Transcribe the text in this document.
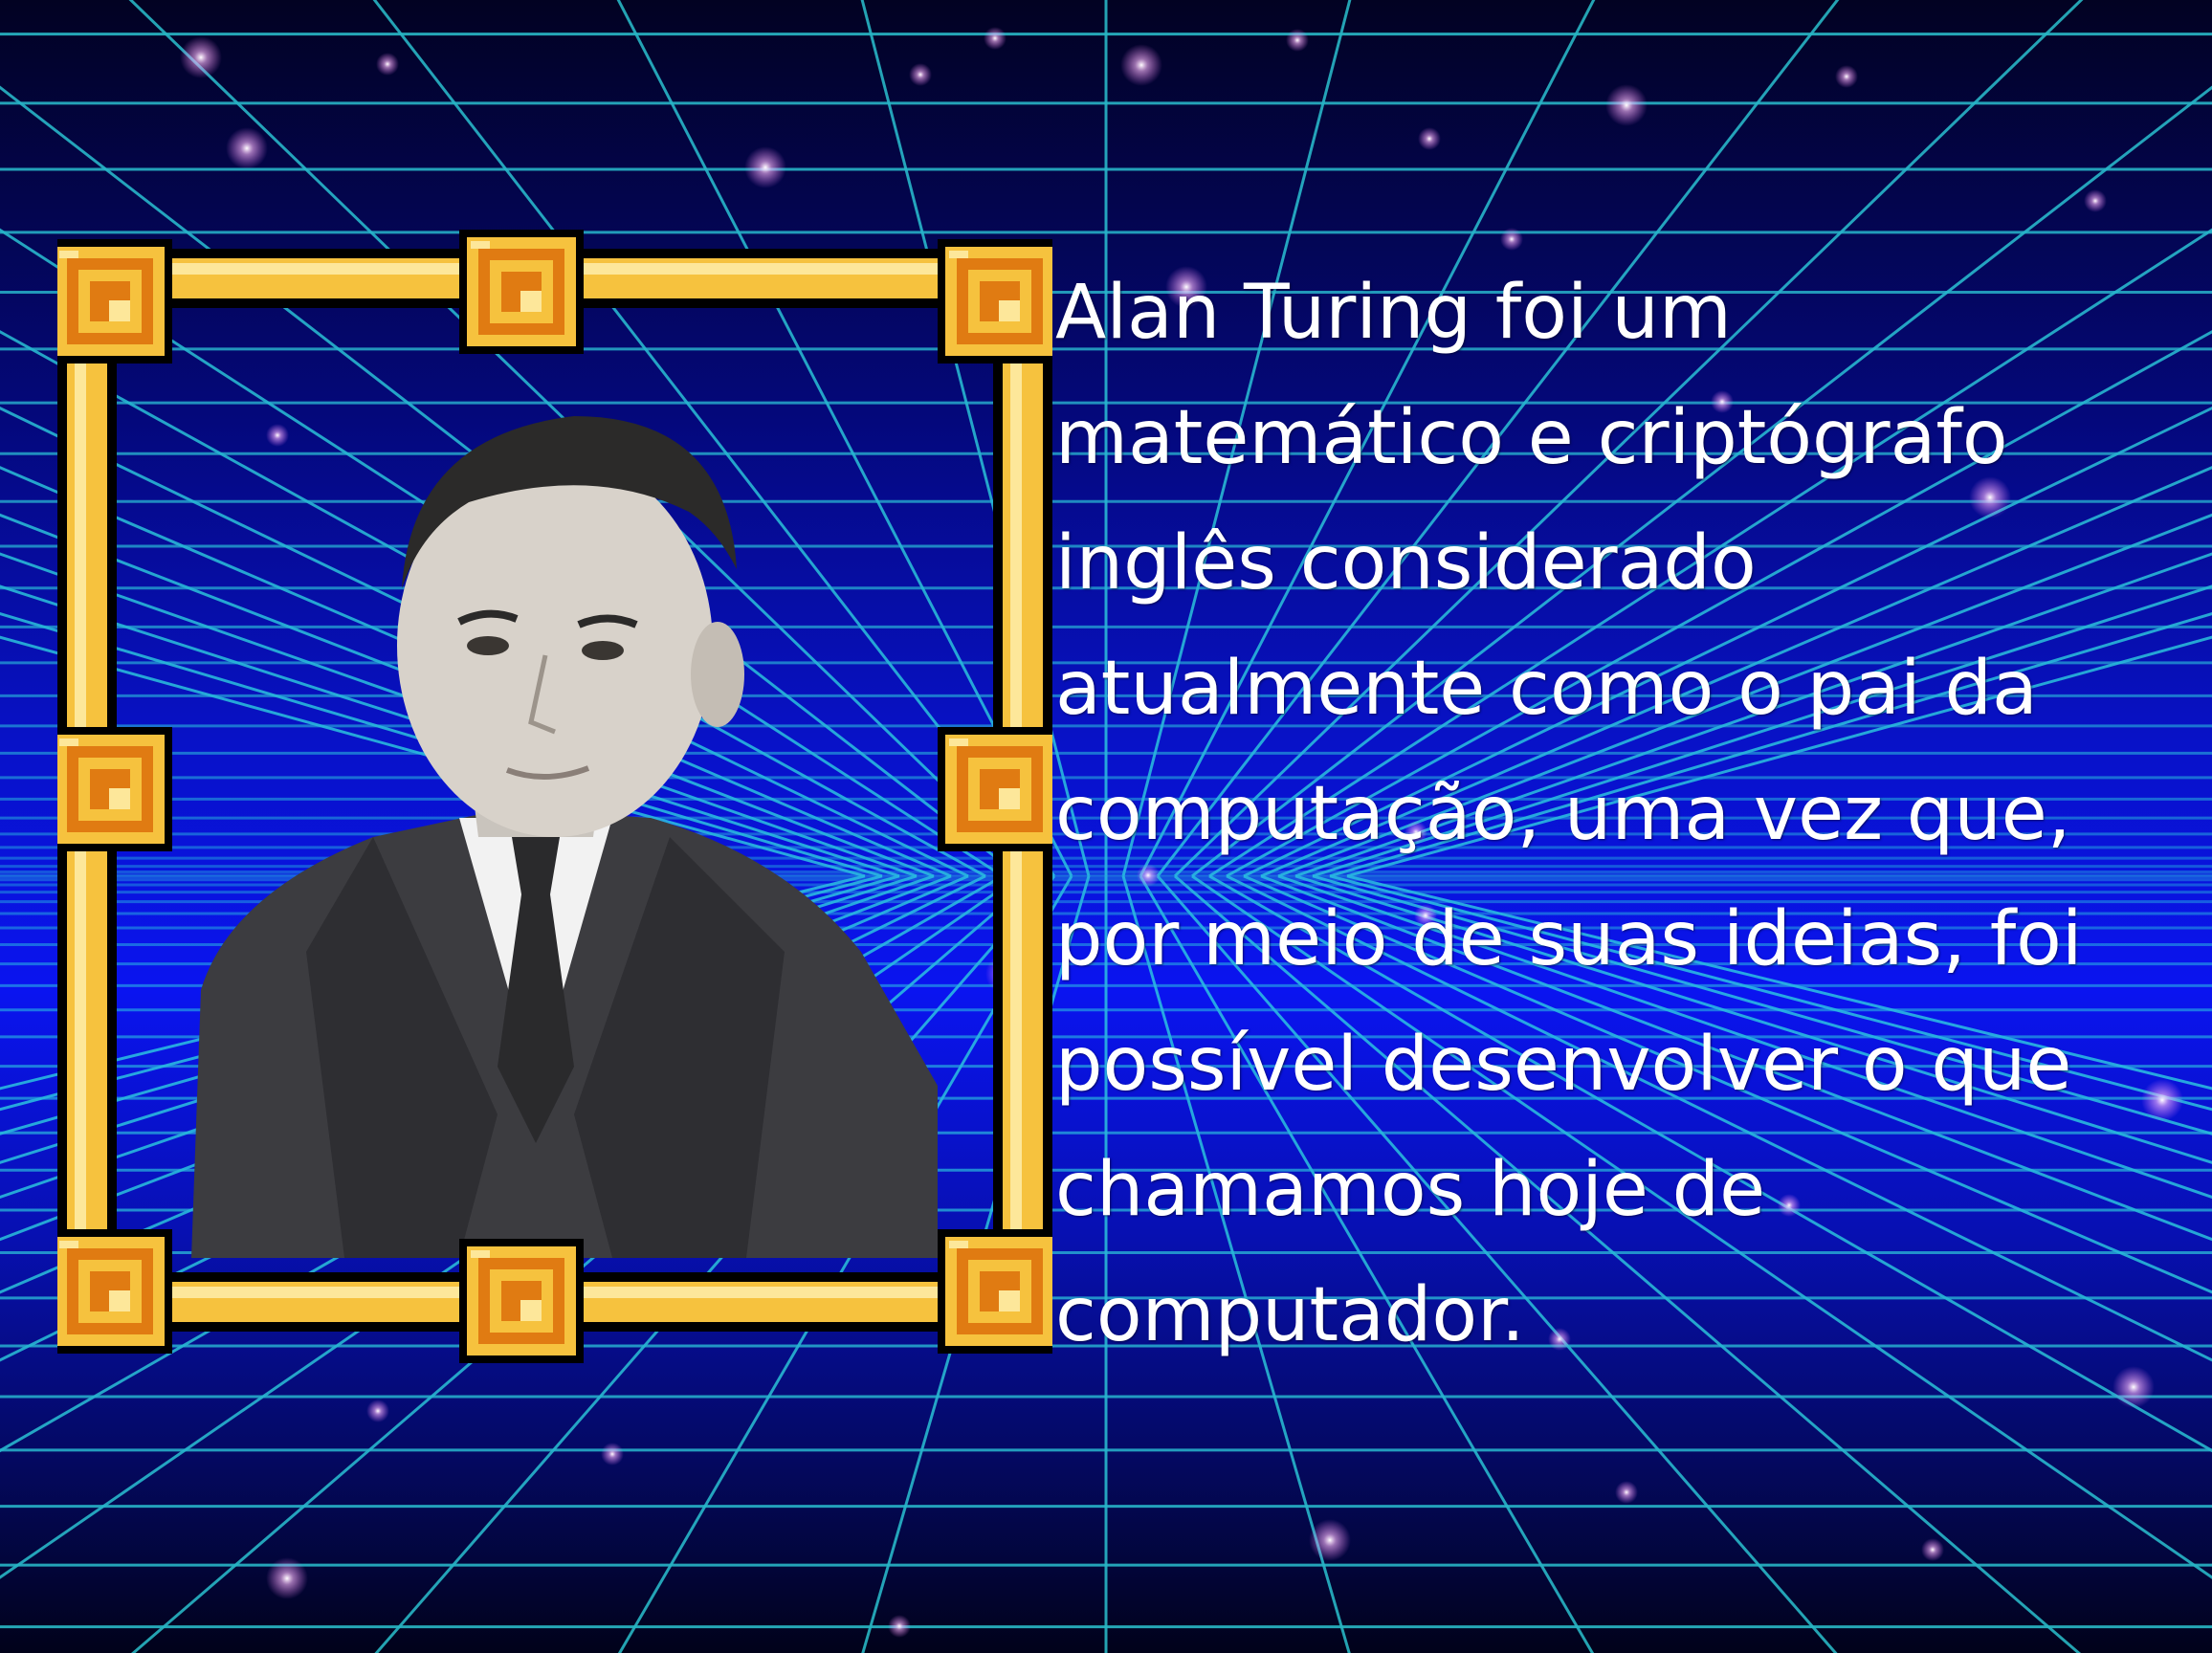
Alan Turing foi um
matemático e criptógrafo
inglês considerado
atualmente como o pai da
computação, uma vez que,
por meio de suas ideias, foi
possível desenvolver o que
chamamos hoje de
computador.
